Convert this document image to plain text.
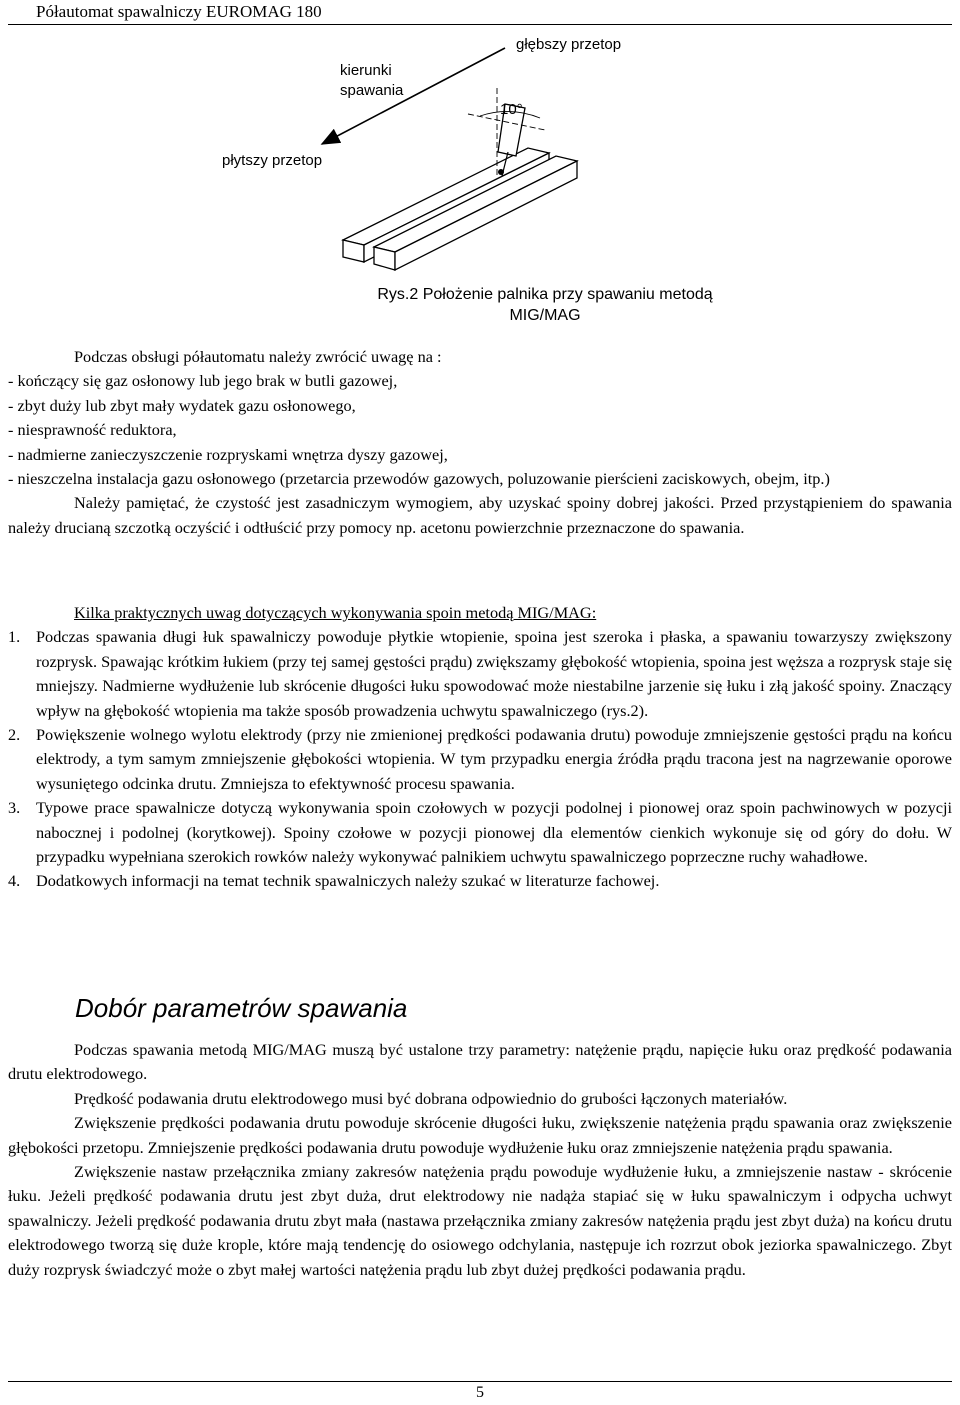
Półautomat spawalniczy EUROMAG 180
10°
głębszy przetop
kierunki
spawania
płytszy przetop
Rys.2 Położenie palnika przy spawaniu metodą
MIG/MAG

Podczas obsługi półautomatu należy zwrócić uwagę na :

- kończący się gaz osłonowy lub jego brak w butli gazowej,

- zbyt duży lub zbyt mały wydatek gazu osłonowego,

- niesprawność reduktora,

- nadmierne zanieczyszczenie rozpryskami wnętrza dyszy gazowej,

- nieszczelna instalacja gazu osłonowego (przetarcia przewodów gazowych, poluzowanie pierścieni zaciskowych, obejm, itp.)

Należy pamiętać, że czystość jest zasadniczym wymogiem, aby uzyskać spoiny dobrej jakości. Przed przystąpieniem do spawania należy drucianą szczotką oczyścić i odtłuścić przy pomocy np. acetonu powierzchnie przeznaczone do spawania.

Kilka praktycznych uwag dotyczących wykonywania spoin metodą MIG/MAG:

1. Podczas spawania długi łuk spawalniczy powoduje płytkie wtopienie, spoina jest szeroka i płaska, a spawaniu towarzyszy zwiększony rozprysk. Spawając krótkim łukiem (przy tej samej gęstości prądu) zwiększamy głębokość wtopienia, spoina jest węższa a rozprysk staje się mniejszy. Nadmierne wydłużenie lub skrócenie długości łuku spowodować może niestabilne jarzenie się łuku i złą jakość spoiny. Znaczący wpływ na głębokość wtopienia ma także sposób prowadzenia uchwytu spawalniczego (rys.2).
2. Powiększenie wolnego wylotu elektrody (przy nie zmienionej prędkości podawania drutu) powoduje zmniejszenie gęstości prądu na końcu elektrody, a tym samym zmniejszenie głębokości wtopienia. W tym przypadku energia źródła prądu tracona jest na nagrzewanie oporowe wysuniętego odcinka drutu. Zmniejsza to efektywność procesu spawania.
3. Typowe prace spawalnicze dotyczą wykonywania spoin czołowych w pozycji podolnej i pionowej oraz spoin pachwinowych w pozycji nabocznej i podolnej (korytkowej). Spoiny czołowe w pozycji pionowej dla elementów cienkich wykonuje się od góry do dołu. W przypadku wypełniana szerokich rowków należy wykonywać palnikiem uchwytu spawalniczego poprzeczne ruchy wahadłowe.
4. Dodatkowych informacji na temat technik spawalniczych należy szukać w literaturze fachowej.
Dobór parametrów spawania

Podczas spawania metodą MIG/MAG muszą być ustalone trzy parametry: natężenie prądu, napięcie łuku oraz prędkość podawania drutu elektrodowego.

Prędkość podawania drutu elektrodowego musi być dobrana odpowiednio do grubości łączonych materiałów.

Zwiększenie prędkości podawania drutu powoduje skrócenie długości łuku, zwiększenie natężenia prądu spawania oraz zwiększenie głębokości przetopu. Zmniejszenie prędkości podawania drutu powoduje wydłużenie łuku oraz zmniejszenie natężenia prądu spawania.

Zwiększenie nastaw przełącznika zmiany zakresów natężenia prądu powoduje wydłużenie łuku, a zmniejszenie nastaw - skrócenie łuku. Jeżeli prędkość podawania drutu jest zbyt duża, drut elektrodowy nie nadąża stapiać się w łuku spawalniczym i odpycha uchwyt spawalniczy. Jeżeli prędkość podawania drutu zbyt mała (nastawa przełącznika zmiany zakresów natężenia prądu jest zbyt duża) na końcu drutu elektrodowego tworzą się duże krople, które mają tendencję do osiowego odchylania, następuje ich rozrzut obok jeziorka spawalniczego. Zbyt duży rozprysk świadczyć może o zbyt małej wartości natężenia prądu lub zbyt dużej prędkości podawania prądu.

5
